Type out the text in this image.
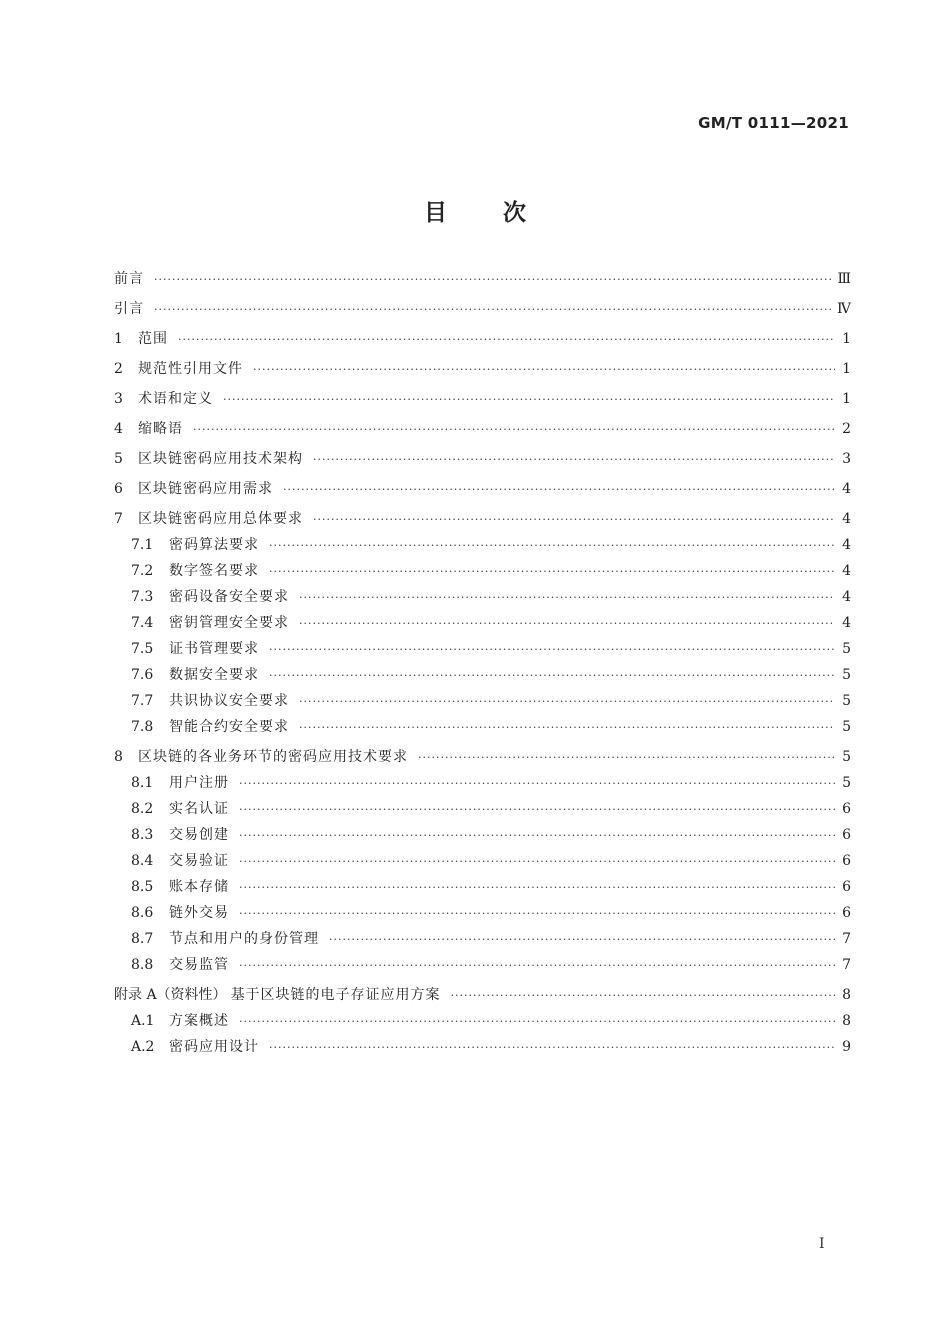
GM/T 0111—2021
目 次
前言 ·····	Ⅲ
引言 ·····	Ⅳ
1	范围 ·····	1
2	规范性引用文件 ·····	1
3	术语和定义 ·····	1
4	缩略语 ·····	2
5	区块链密码应用技术架构 ·····	3
6	区块链密码应用需求 ·····	4
7	区块链密码应用总体要求 ·····	4
7.1	密码算法要求 ·····	4
7.2	数字签名要求 ·····	4
7.3	密码设备安全要求 ·····	4
7.4	密钥管理安全要求 ·····	4
7.5	证书管理要求 ·····	5
7.6	数据安全要求 ·····	5
7.7	共识协议安全要求 ·····	5
7.8	智能合约安全要求 ·····	5
8	区块链的各业务环节的密码应用技术要求 ·····	5
8.1	用户注册 ·····	5
8.2	实名认证 ·····	6
8.3	交易创建 ·····	6
8.4	交易验证 ·····	6
8.5	账本存储 ·····	6
8.6	链外交易 ·····	6
8.7	节点和用户的身份管理 ·····	7
8.8	交易监管 ·····	7
附录 A（资料性） 基于区块链的电子存证应用方案 ·····	8
A.1	方案概述 ·····	8
A.2	密码应用设计 ·····	9
I
